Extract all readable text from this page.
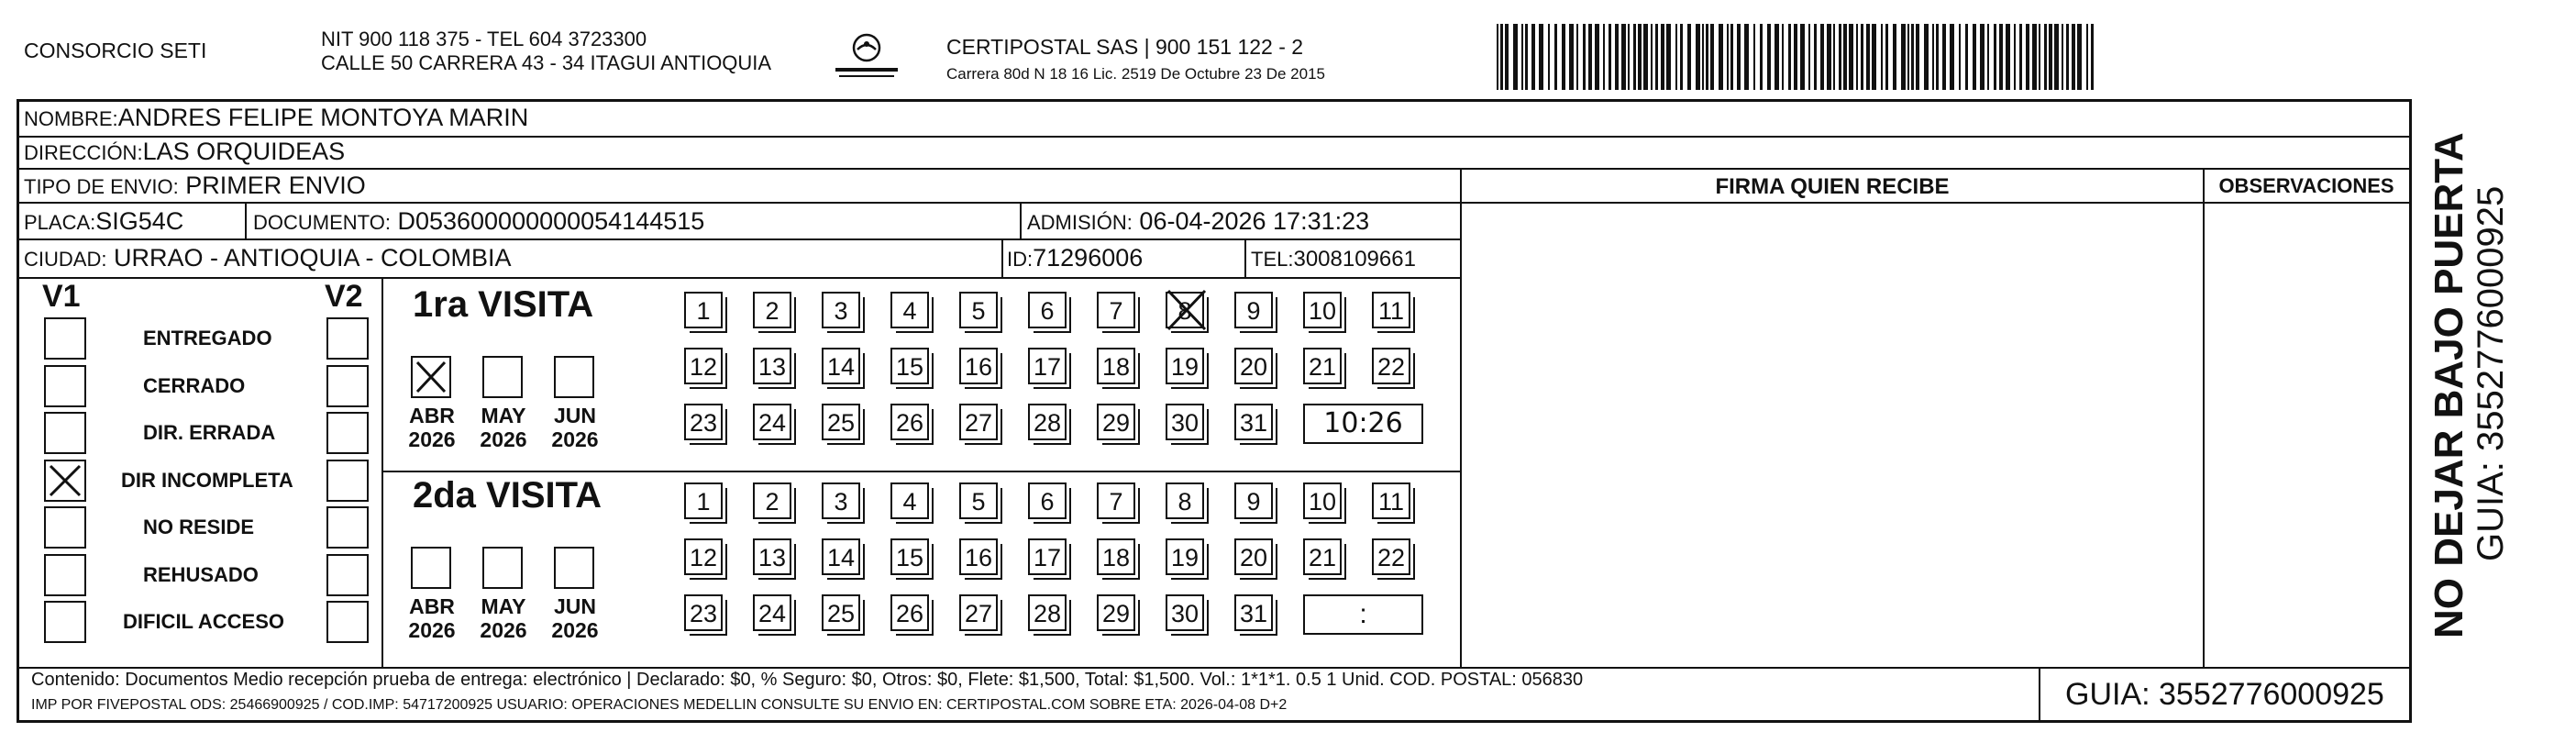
CONSORCIO SETI	NIT 900 118 375 - TEL 604 3723300
CALLE 50 CARRERA 43 - 34 ITAGUI ANTIOQUIA
CERTIPOSTAL SAS | 900 151 122 - 2
Carrera 80d N 18 16 Lic. 2519 De Octubre 23 De 2015
NOMBRE:ANDRES FELIPE MONTOYA MARIN
DIRECCIÓN:LAS ORQUIDEAS
TIPO DE ENVIO: PRIMER ENVIO	FIRMA QUIEN RECIBE	OBSERVACIONES
PLACA:SIG54C	DOCUMENTO: D053600000000054144515	ADMISIÓN: 06-04-2026 17:31:23
CIUDAD: URRAO - ANTIOQUIA - COLOMBIA	ID:71296006	TEL:3008109661
V1	V2
ENTREGADO
CERRADO
DIR. ERRADA
DIR INCOMPLETA
NO RESIDE
REHUSADO
DIFICIL ACCESO
1ra VISITA
2da VISITA
ABR
2026
MAY
2026
JUN
2026
1	2	3	4	5	6	7	8	9	10 11
12 13 14 15 16 17 18 19 20 21 22
23 24 25 26 27 28 29 30 31	10:26
ABR
2026
MAY
2026
JUN
2026
1	2	3	4	5	6	7	8	9	10 11
12 13 14 15 16 17 18 19 20 21 22
23 24 25 26 27 28 29 30 31	:
Contenido: Documentos Medio recepción prueba de entrega: electrónico | Declarado: $0, % Seguro: $0, Otros: $0, Flete: $1,500, Total: $1,500. Vol.: 1*1*1. 0.5 1 Unid. COD. POSTAL: 056830
IMP POR FIVEPOSTAL ODS: 25466900925 / COD.IMP: 54717200925 USUARIO: OPERACIONES MEDELLIN CONSULTE SU ENVIO EN: CERTIPOSTAL.COM SOBRE ETA: 2026-04-08 D+2	GUIA: 3552776000925
NO DEJAR BAJO PUERTA GUIA: 3552776000925
